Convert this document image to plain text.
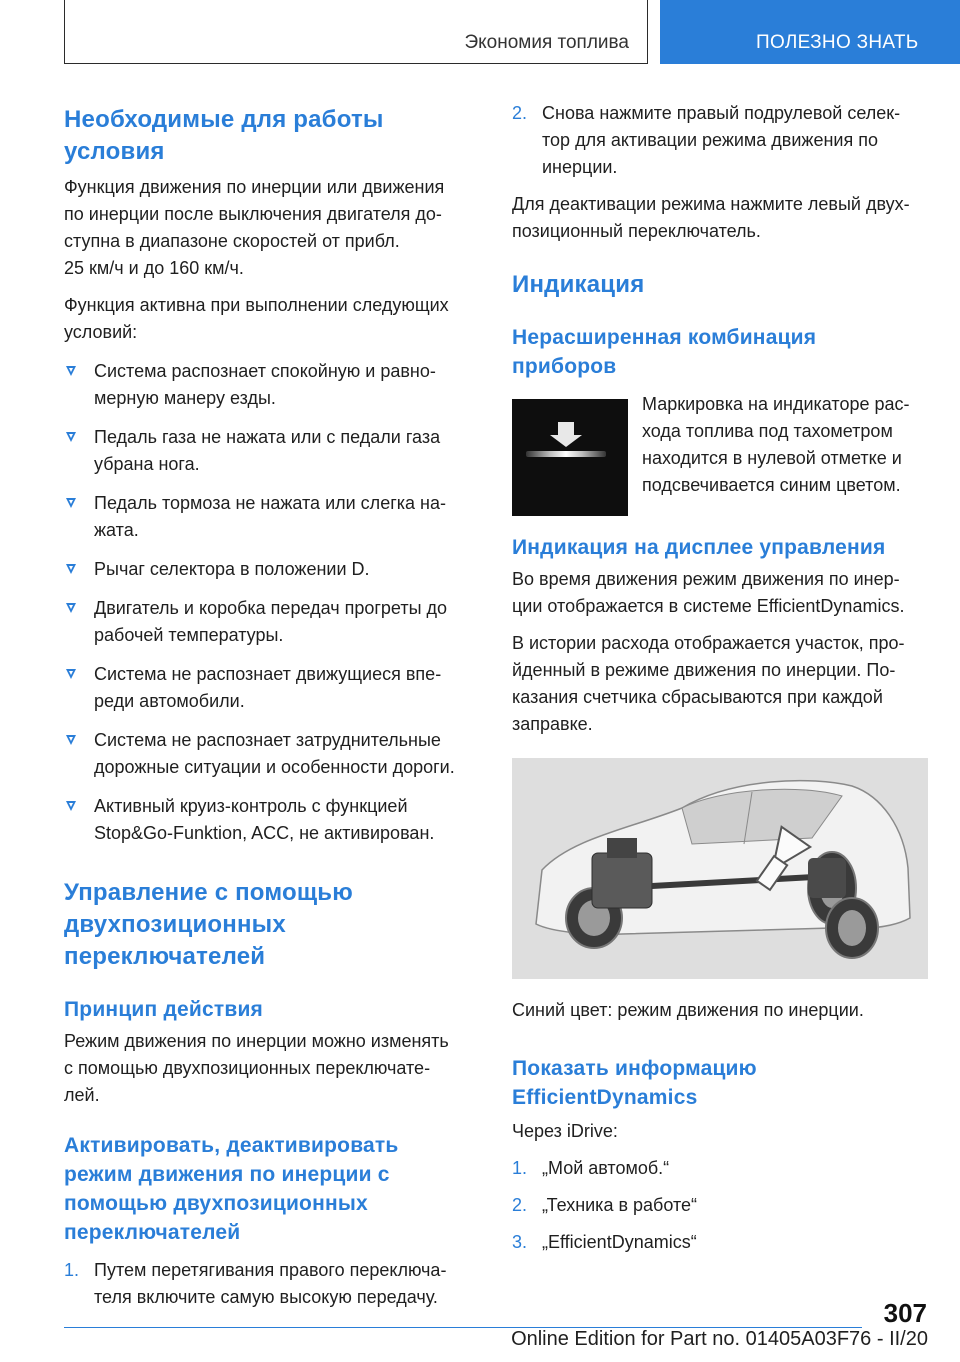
Экономия топлива	ПОЛЕЗНО ЗНАТЬ
Необходимые для работы условия

Функция движения по инерции или движения
по инерции после выключения двигателя до-
ступна в диапазоне скоростей от прибл.
25 км/ч и до 160 км/ч.

Функция активна при выполнении следующих
условий:

Система распознает спокойную и равно-
мерную манеру езды.
Педаль газа не нажата или с педали газа
убрана нога.
Педаль тормоза не нажата или слегка на-
жата.
Рычаг селектора в положении D.
Двигатель и коробка передач прогреты до
рабочей температуры.
Система не распознает движущиеся впе-
реди автомобили.
Система не распознает затруднительные
дорожные ситуации и особенности дороги.
Активный круиз-контроль с функцией
Stop&Go-Funktion, ACC, не активирован.
Управление с помощью
двухпозиционных
переключателей
Принцип действия

Режим движения по инерции можно изменять
с помощью двухпозиционных переключате-
лей.

Активировать, деактивировать
режим движения по инерции с
помощью двухпозиционных
переключателей
1. Путем перетягивания правого переключа-
теля включите самую высокую передачу.
2. Снова нажмите правый подрулевой селек-
тор для активации режима движения по
инерции.

Для деактивации режима нажмите левый двух-
позиционный переключатель.

Индикация
Нерасширенная комбинация
приборов

Маркировка на индикаторе рас-
хода топлива под тахометром
находится в нулевой отметке и
подсвечивается синим цветом.

Индикация на дисплее управления

Во время движения режим движения по инер-
ции отображается в системе EfficientDynamics.

В истории расхода отображается участок, про-
йденный в режиме движения по инерции. По-
казания счетчика сбрасываются при каждой
заправке.

Синий цвет: режим движения по инерции.

Показать информацию
EfficientDynamics

Через iDrive:

1. „Мой автомоб.“
2. „Техника в работе“
3. „EfficientDynamics“
307
Online Edition for Part no. 01405A03F76 - II/20
